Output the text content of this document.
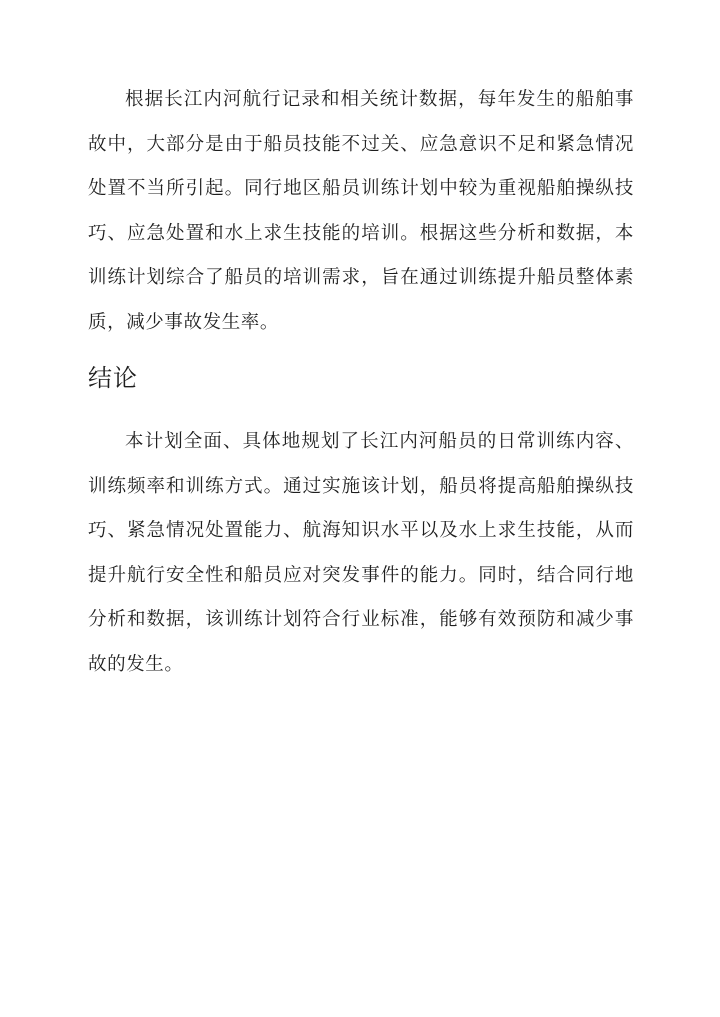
根据长江内河航行记录和相关统计数据，每年发生的船舶事故中，大部分是由于船员技能不过关、应急意识不足和紧急情况处置不当所引起。同行地区船员训练计划中较为重视船舶操纵技巧、应急处置和水上求生技能的培训。根据这些分析和数据，本训练计划综合了船员的培训需求，旨在通过训练提升船员整体素质，减少事故发生率。

结论

本计划全面、具体地规划了长江内河船员的日常训练内容、训练频率和训练方式。通过实施该计划，船员将提高船舶操纵技巧、紧急情况处置能力、航海知识水平以及水上求生技能，从而提升航行安全性和船员应对突发事件的能力。同时，结合同行地分析和数据，该训练计划符合行业标准，能够有效预防和减少事故的发生。
